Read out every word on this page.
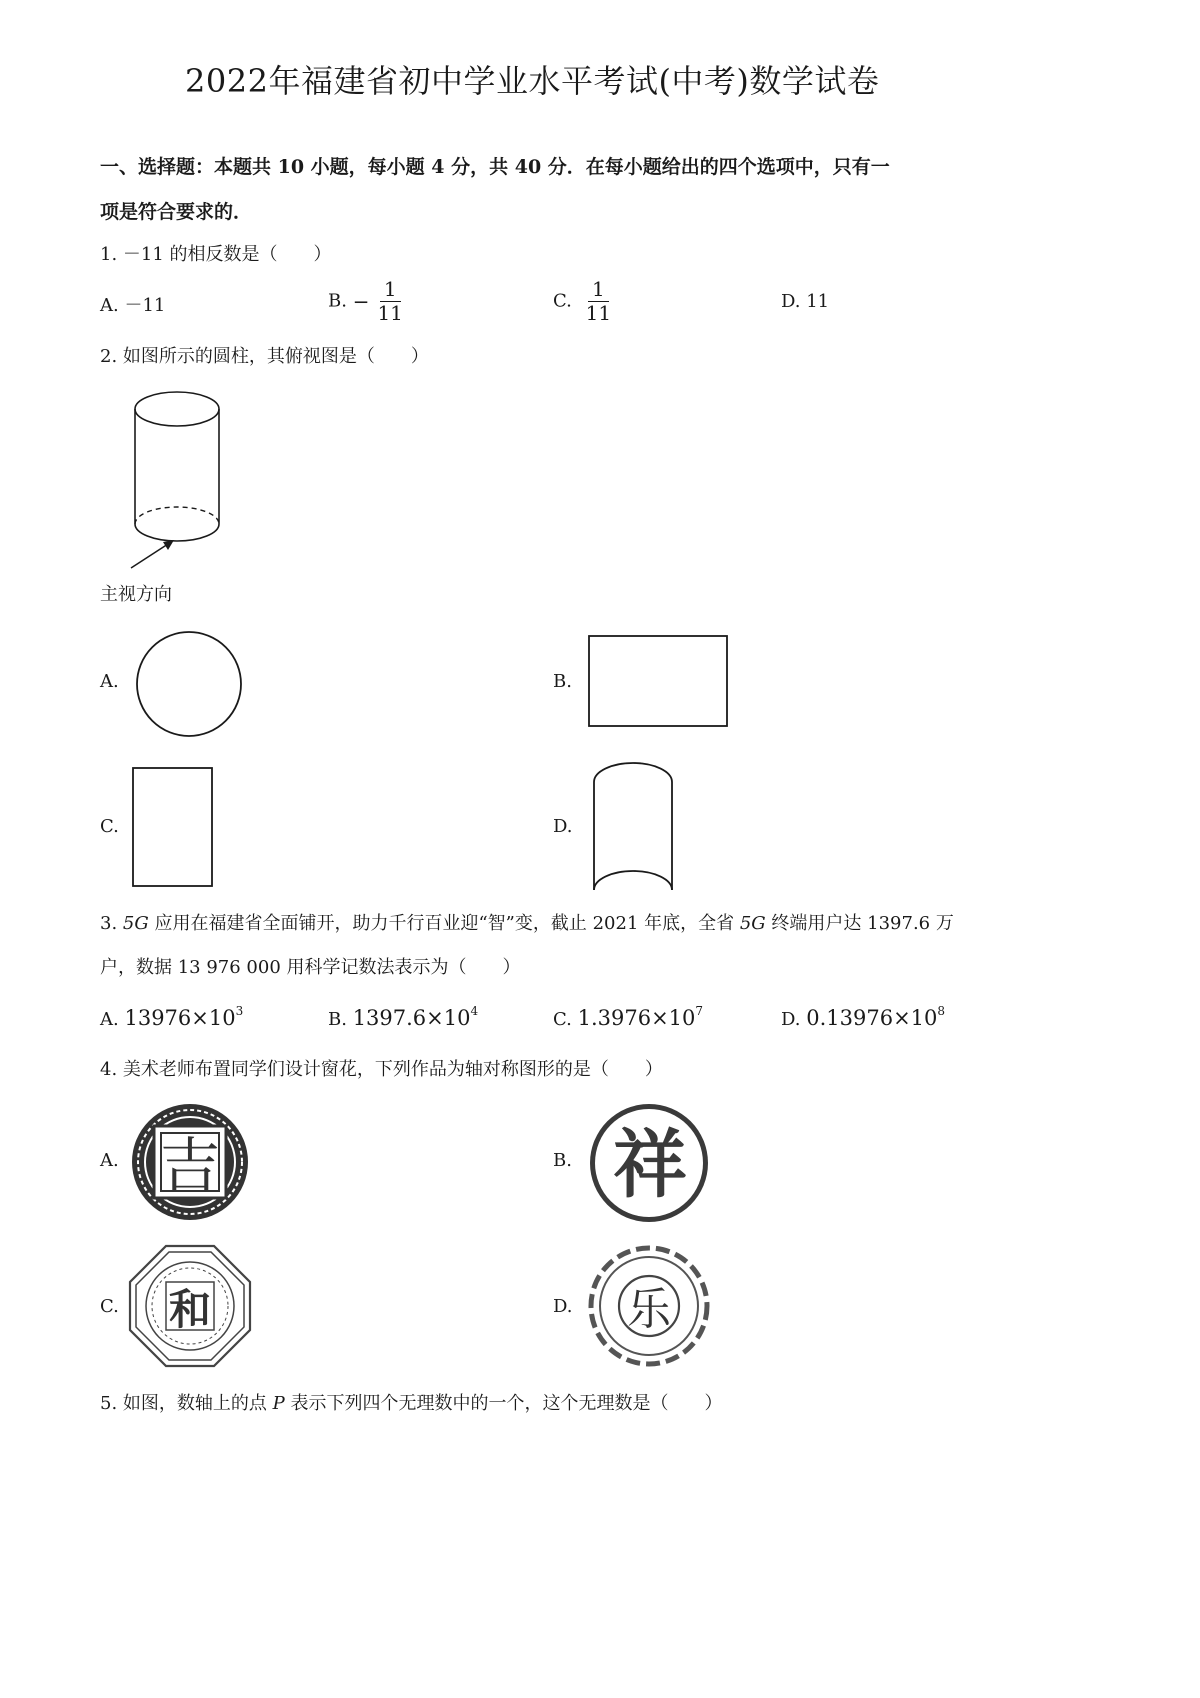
2022年福建省初中学业水平考试(中考)数学试卷
一、选择题：本题共 10 小题，每小题 4 分，共 40 分．在每小题给出的四个选项中，只有一
项是符合要求的．
1. －11 的相反数是（　　）
A. －11	B. − $\frac{1}{11}$	C. $\frac{1}{11}$	D. 11
2. 如图所示的圆柱，其俯视图是（　　）
主视方向
A.	B.
C.	D.
3. 5G 应用在福建省全面铺开，助力千行百业迎“智”变，截止 2021 年底，全省 5G 终端用户达 1397.6 万
户，数据 13 976 000 用科学记数法表示为（　　）
A. $13976\times 10^3$	B. $1397.6\times 10^4$	C. $1.3976\times 10^7$	D. $0.13976\times 10^8$
4. 美术老师布置同学们设计窗花，下列作品为轴对称图形的是（　　）
A. 吉	B. 祥
C. 和	D. 乐
5. 如图，数轴上的点 P 表示下列四个无理数中的一个，这个无理数是（　　）
